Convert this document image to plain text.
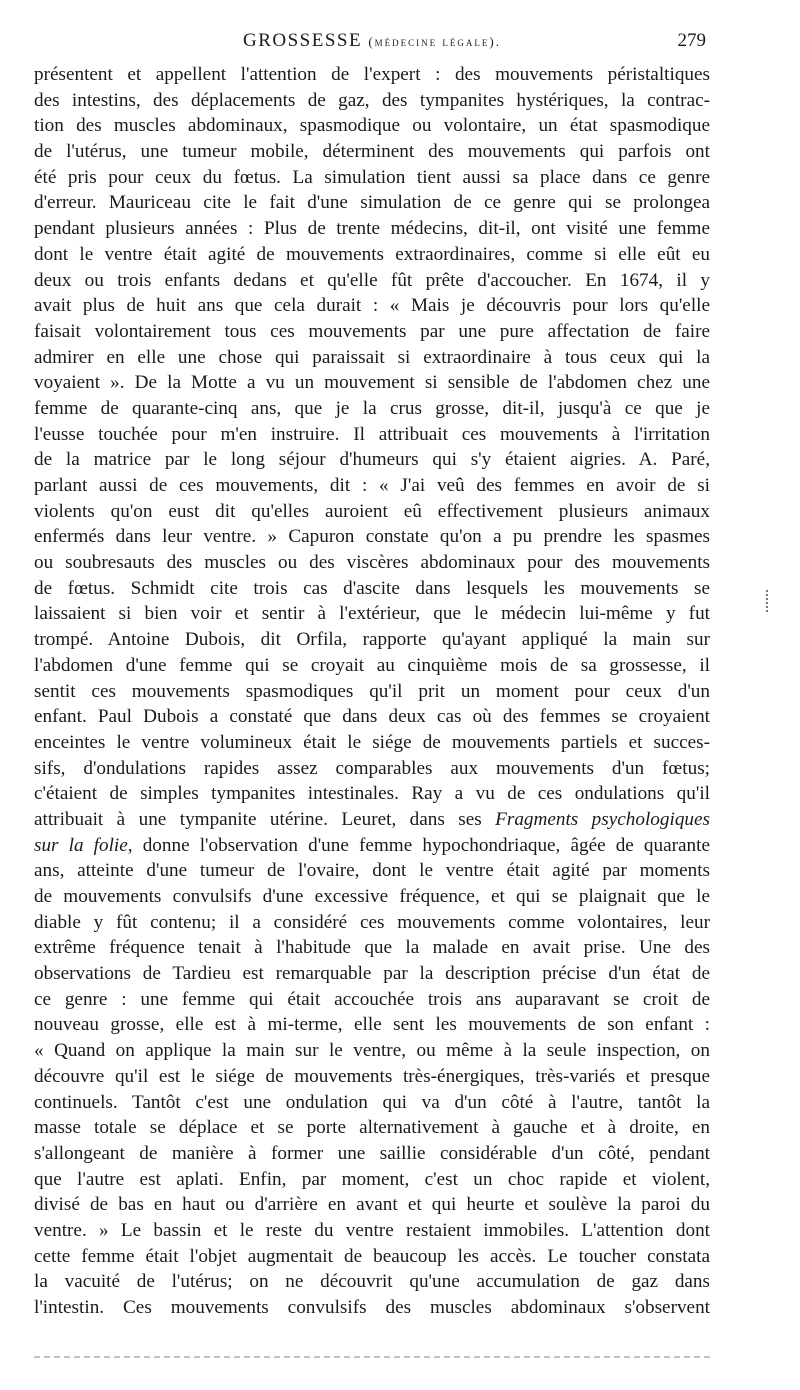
GROSSESSE (médecine légale).	279
présentent et appellent l'attention de l'expert : des mouvements péristaltiques
des intestins, des déplacements de gaz, des tympanites hystériques, la contrac-
tion des muscles abdominaux, spasmodique ou volontaire, un état spasmodique
de l'utérus, une tumeur mobile, déterminent des mouvements qui parfois ont
été pris pour ceux du fœtus. La simulation tient aussi sa place dans ce genre
d'erreur. Mauriceau cite le fait d'une simulation de ce genre qui se prolongea
pendant plusieurs années : Plus de trente médecins, dit-il, ont visité une femme
dont le ventre était agité de mouvements extraordinaires, comme si elle eût eu
deux ou trois enfants dedans et qu'elle fût prête d'accoucher. En 1674, il y
avait plus de huit ans que cela durait : « Mais je découvris pour lors qu'elle
faisait volontairement tous ces mouvements par une pure affectation de faire
admirer en elle une chose qui paraissait si extraordinaire à tous ceux qui la
voyaient ». De la Motte a vu un mouvement si sensible de l'abdomen chez une
femme de quarante-cinq ans, que je la crus grosse, dit-il, jusqu'à ce que je
l'eusse touchée pour m'en instruire. Il attribuait ces mouvements à l'irritation
de la matrice par le long séjour d'humeurs qui s'y étaient aigries. A. Paré,
parlant aussi de ces mouvements, dit : « J'ai veû des femmes en avoir de si
violents qu'on eust dit qu'elles auroient eû effectivement plusieurs animaux
enfermés dans leur ventre. » Capuron constate qu'on a pu prendre les spasmes
ou soubresauts des muscles ou des viscères abdominaux pour des mouvements
de fœtus. Schmidt cite trois cas d'ascite dans lesquels les mouvements se
laissaient si bien voir et sentir à l'extérieur, que le médecin lui-même y fut
trompé. Antoine Dubois, dit Orfila, rapporte qu'ayant appliqué la main sur
l'abdomen d'une femme qui se croyait au cinquième mois de sa grossesse, il
sentit ces mouvements spasmodiques qu'il prit un moment pour ceux d'un
enfant. Paul Dubois a constaté que dans deux cas où des femmes se croyaient
enceintes le ventre volumineux était le siége de mouvements partiels et succes-
sifs, d'ondulations rapides assez comparables aux mouvements d'un fœtus;
c'étaient de simples tympanites intestinales. Ray a vu de ces ondulations qu'il
attribuait à une tympanite utérine. Leuret, dans ses Fragments psychologiques
sur la folie, donne l'observation d'une femme hypochondriaque, âgée de quarante
ans, atteinte d'une tumeur de l'ovaire, dont le ventre était agité par moments
de mouvements convulsifs d'une excessive fréquence, et qui se plaignait que le
diable y fût contenu; il a considéré ces mouvements comme volontaires, leur
extrême fréquence tenait à l'habitude que la malade en avait prise. Une des
observations de Tardieu est remarquable par la description précise d'un état de
ce genre : une femme qui était accouchée trois ans auparavant se croit de
nouveau grosse, elle est à mi-terme, elle sent les mouvements de son enfant :
« Quand on applique la main sur le ventre, ou même à la seule inspection, on
découvre qu'il est le siége de mouvements très-énergiques, très-variés et presque
continuels. Tantôt c'est une ondulation qui va d'un côté à l'autre, tantôt la
masse totale se déplace et se porte alternativement à gauche et à droite, en
s'allongeant de manière à former une saillie considérable d'un côté, pendant
que l'autre est aplati. Enfin, par moment, c'est un choc rapide et violent,
divisé de bas en haut ou d'arrière en avant et qui heurte et soulève la paroi du
ventre. » Le bassin et le reste du ventre restaient immobiles. L'attention dont
cette femme était l'objet augmentait de beaucoup les accès. Le toucher constata
la vacuité de l'utérus; on ne découvrit qu'une accumulation de gaz dans
l'intestin. Ces mouvements convulsifs des muscles abdominaux s'observent
